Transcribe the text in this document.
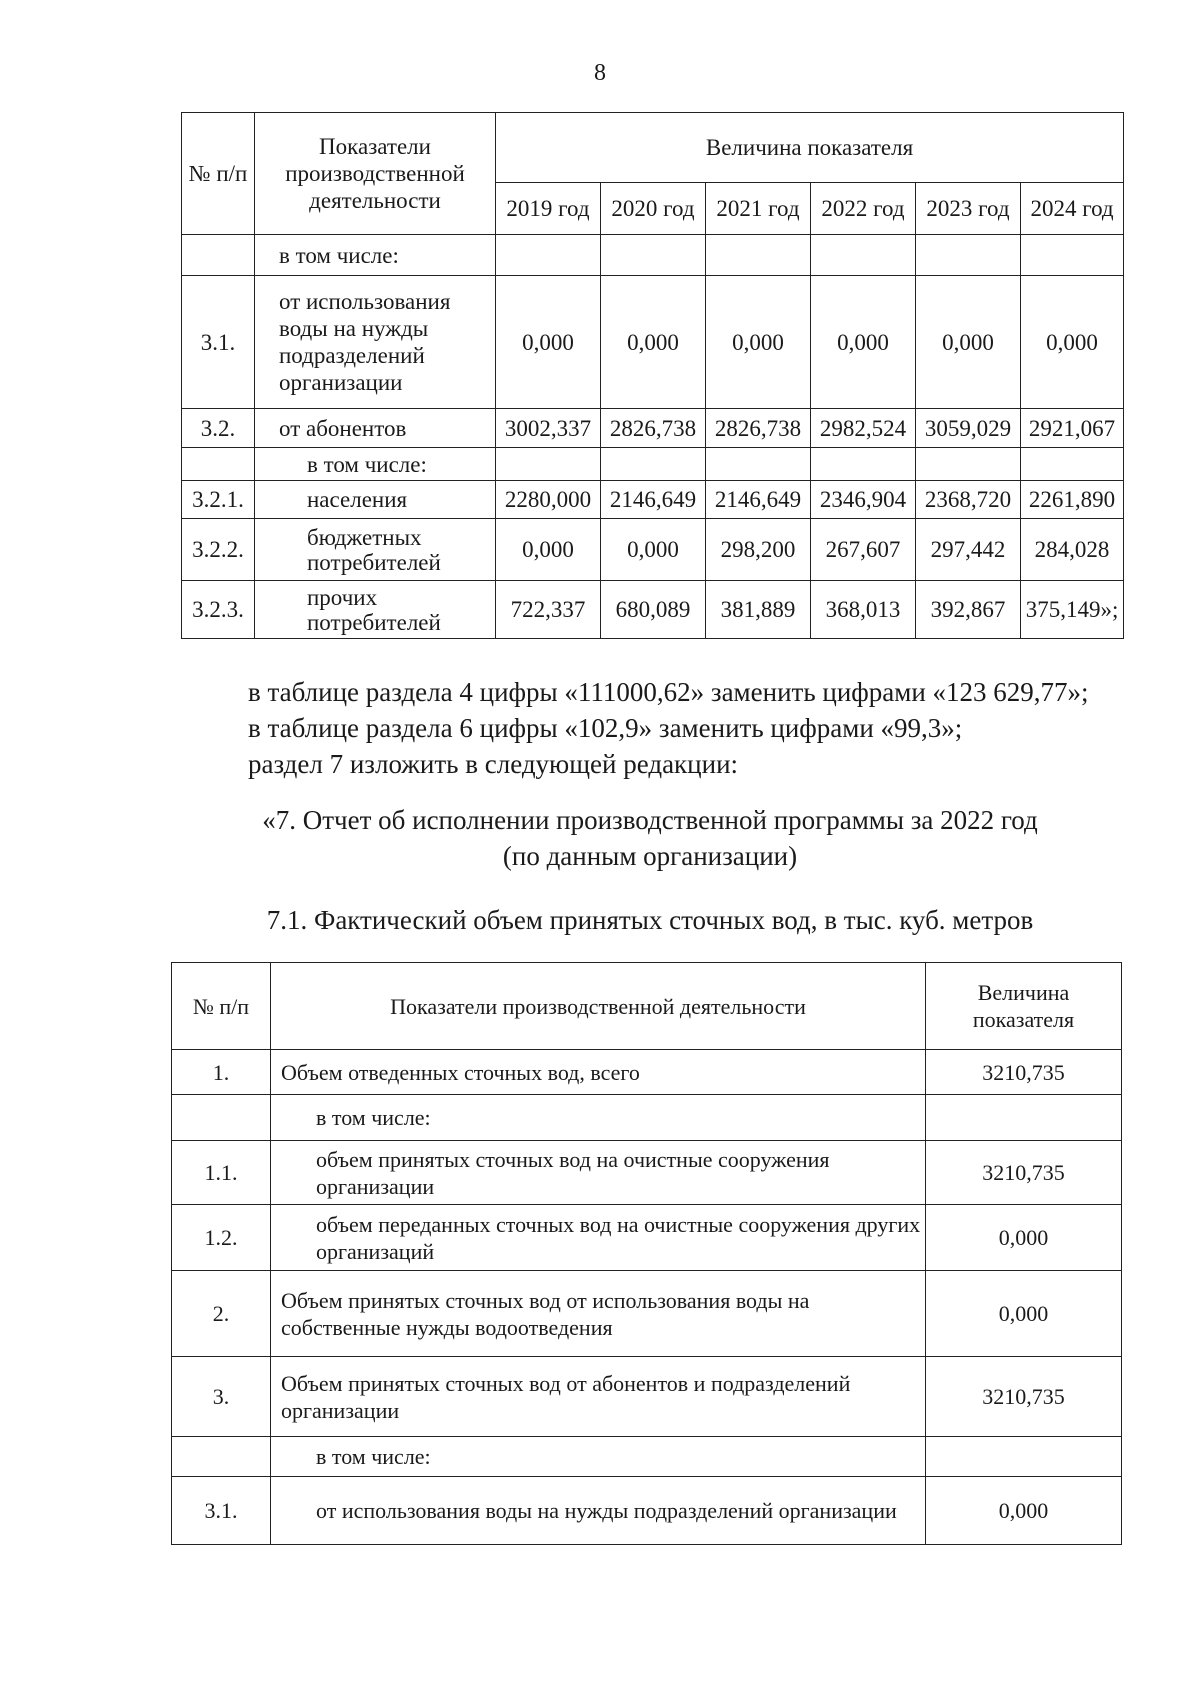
8
№ п/п	Показатели производственной деятельности	Величина показателя					
		2019 год	2020 год	2021 год	2022 год	2023 год	2024 год
	в том числе:						
3.1.	от использования воды на нужды подразделений организации	0,000	0,000	0,000	0,000	0,000	0,000
3.2.	от абонентов	3002,337	2826,738	2826,738	2982,524	3059,029	2921,067
	в том числе:						
3.2.1.	населения	2280,000	2146,649	2146,649	2346,904	2368,720	2261,890
3.2.2.	бюджетных потребителей	0,000	0,000	298,200	267,607	297,442	284,028
3.2.3.	прочих потребителей	722,337	680,089	381,889	368,013	392,867	375,149»;
в таблице раздела 4 цифры «111000,62» заменить цифрами «123 629,77»;
в таблице раздела 6 цифры «102,9» заменить цифрами «99,3»;
раздел 7 изложить в следующей редакции:
«7. Отчет об исполнении производственной программы за 2022 год
(по данным организации)
7.1. Фактический объем принятых сточных вод, в тыс. куб. метров
№ п/п	Показатели производственной деятельности	Величина показателя
1.	Объем отведенных сточных вод, всего	3210,735
	в том числе:	
1.1.	объем принятых сточных вод на очистные сооружения организации	3210,735
1.2.	объем переданных сточных вод на очистные сооружения других организаций	0,000
2.	Объем принятых сточных вод от использования воды на собственные нужды водоотведения	0,000
3.	Объем принятых сточных вод от абонентов и подразделений организации	3210,735
	в том числе:	
3.1.	от использования воды на нужды подразделений организации	0,000
